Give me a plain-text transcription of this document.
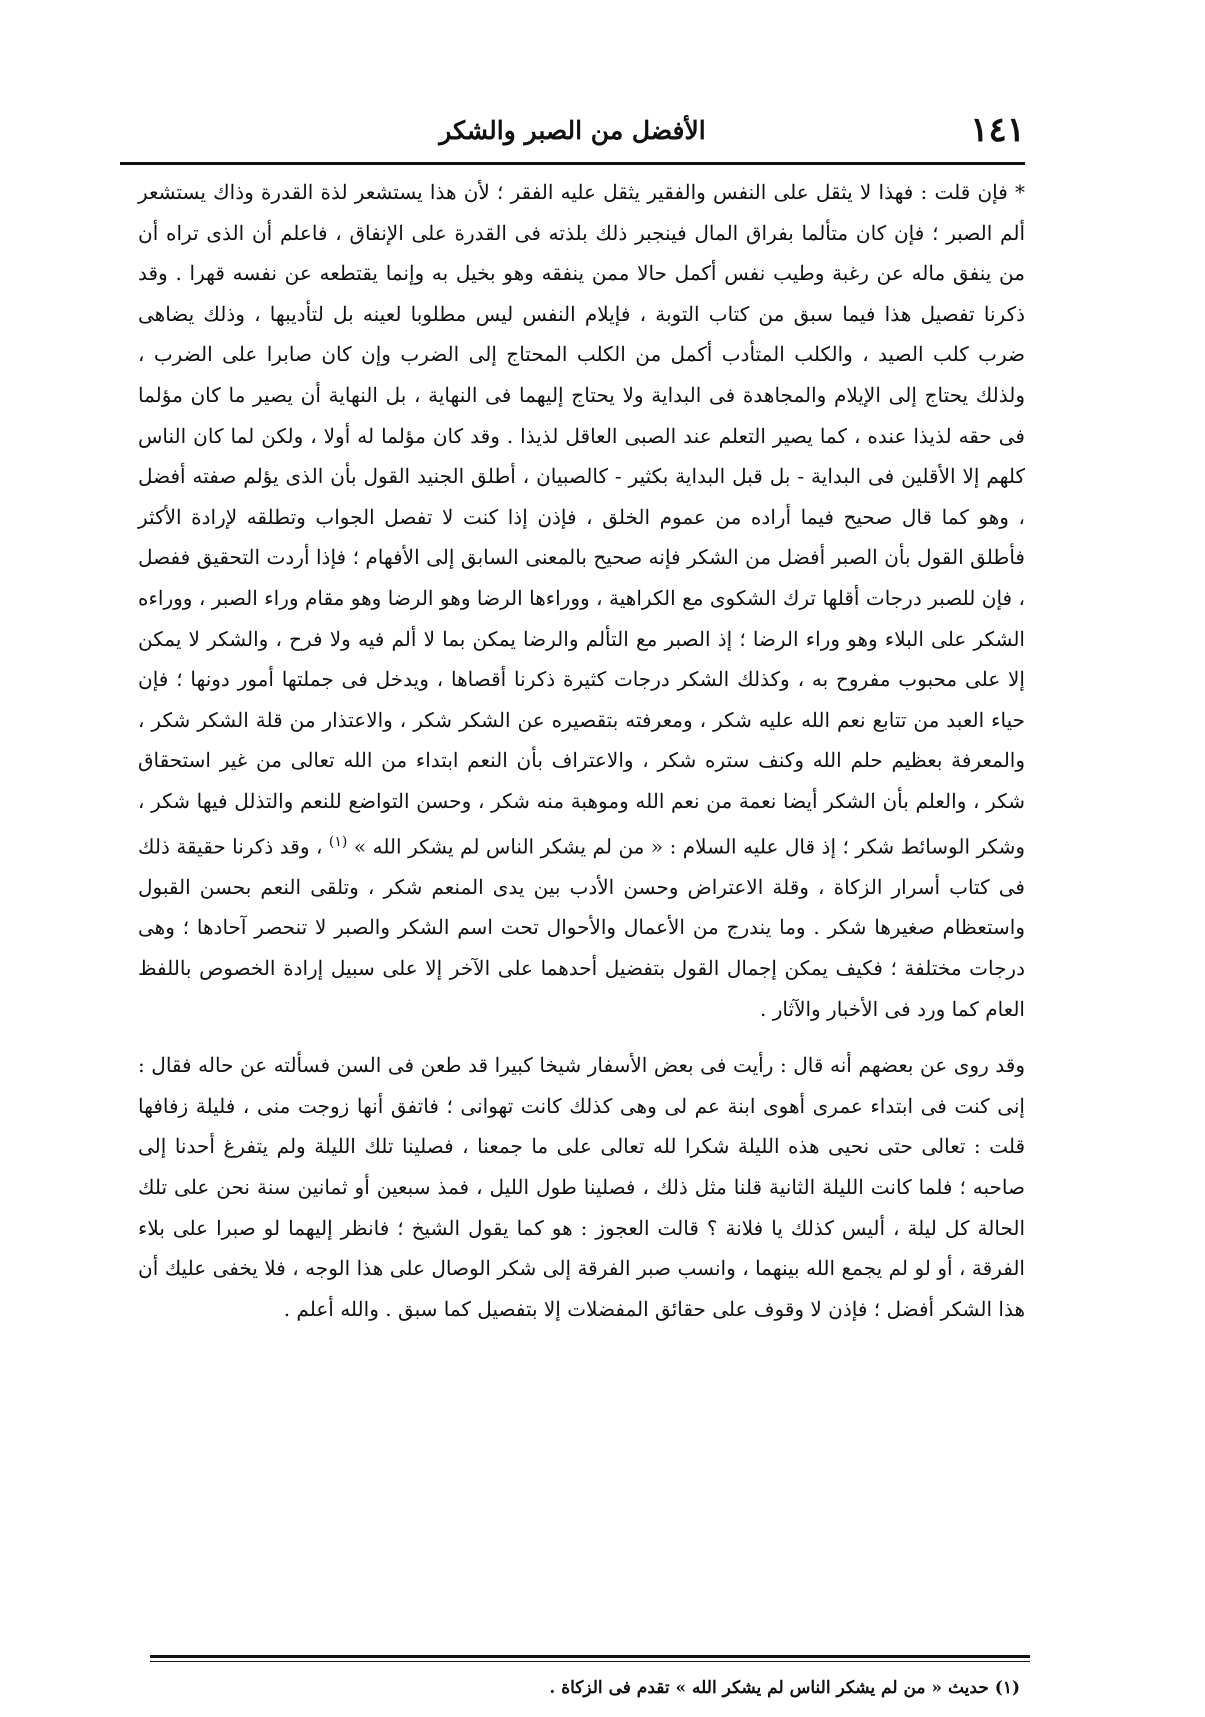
١٤١
الأفضل من الصبر والشكر

* فإن قلت : فهذا لا يثقل على النفس والفقير يثقل عليه الفقر ؛ لأن هذا يستشعر لذة القدرة وذاك يستشعر ألم الصبر ؛ فإن كان متألما بفراق المال فينجبر ذلك بلذته فى القدرة على الإنفاق ، فاعلم أن الذى تراه أن من ينفق ماله عن رغبة وطيب نفس أكمل حالا ممن ينفقه وهو بخيل به وإنما يقتطعه عن نفسه قهرا . وقد ذكرنا تفصيل هذا فيما سبق من كتاب التوبة ، فإيلام النفس ليس مطلوبا لعينه بل لتأديبها ، وذلك يضاهى ضرب كلب الصيد ، والكلب المتأدب أكمل من الكلب المحتاج إلى الضرب وإن كان صابرا على الضرب ، ولذلك يحتاج إلى الإيلام والمجاهدة فى البداية ولا يحتاج إليهما فى النهاية ، بل النهاية أن يصير ما كان مؤلما فى حقه لذيذا عنده ، كما يصير التعلم عند الصبى العاقل لذيذا . وقد كان مؤلما له أولا ، ولكن لما كان الناس كلهم إلا الأقلين فى البداية - بل قبل البداية بكثير - كالصبيان ، أطلق الجنيد القول بأن الذى يؤلم صفته أفضل ، وهو كما قال صحيح فيما أراده من عموم الخلق ، فإذن إذا كنت لا تفصل الجواب وتطلقه لإرادة الأكثر فأطلق القول بأن الصبر أفضل من الشكر فإنه صحيح بالمعنى السابق إلى الأفهام ؛ فإذا أردت التحقيق ففصل ، فإن للصبر درجات أقلها ترك الشكوى مع الكراهية ، ووراءها الرضا وهو الرضا وهو مقام وراء الصبر ، ووراءه الشكر على البلاء وهو وراء الرضا ؛ إذ الصبر مع التألم والرضا يمكن بما لا ألم فيه ولا فرح ، والشكر لا يمكن إلا على محبوب مفروح به ، وكذلك الشكر درجات كثيرة ذكرنا أقصاها ، ويدخل فى جملتها أمور دونها ؛ فإن حياء العبد من تتابع نعم الله عليه شكر ، ومعرفته بتقصيره عن الشكر شكر ، والاعتذار من قلة الشكر شكر ، والمعرفة بعظيم حلم الله وكنف ستره شكر ، والاعتراف بأن النعم ابتداء من الله تعالى من غير استحقاق شكر ، والعلم بأن الشكر أيضا نعمة من نعم الله وموهبة منه شكر ، وحسن التواضع للنعم والتذلل فيها شكر ، وشكر الوسائط شكر ؛ إذ قال عليه السلام : « من لم يشكر الناس لم يشكر الله » $^{(١)}$ ، وقد ذكرنا حقيقة ذلك فى كتاب أسرار الزكاة ، وقلة الاعتراض وحسن الأدب بين يدى المنعم شكر ، وتلقى النعم بحسن القبول واستعظام صغيرها شكر . وما يندرج من الأعمال والأحوال تحت اسم الشكر والصبر لا تنحصر آحادها ؛ وهى درجات مختلفة ؛ فكيف يمكن إجمال القول بتفضيل أحدهما على الآخر إلا على سبيل إرادة الخصوص باللفظ العام كما ورد فى الأخبار والآثار .

وقد روى عن بعضهم أنه قال : رأيت فى بعض الأسفار شيخا كبيرا قد طعن فى السن فسألته عن حاله فقال : إنى كنت فى ابتداء عمرى أهوى ابنة عم لى وهى كذلك كانت تهوانى ؛ فاتفق أنها زوجت منى ، فليلة زفافها قلت : تعالى حتى نحيى هذه الليلة شكرا لله تعالى على ما جمعنا ، فصلينا تلك الليلة ولم يتفرغ أحدنا إلى صاحبه ؛ فلما كانت الليلة الثانية قلنا مثل ذلك ، فصلينا طول الليل ، فمذ سبعين أو ثمانين سنة نحن على تلك الحالة كل ليلة ، أليس كذلك يا فلانة ؟ قالت العجوز : هو كما يقول الشيخ ؛ فانظر إليهما لو صبرا على بلاء الفرقة ، أو لو لم يجمع الله بينهما ، وانسب صبر الفرقة إلى شكر الوصال على هذا الوجه ، فلا يخفى عليك أن هذا الشكر أفضل ؛ فإذن لا وقوف على حقائق المفضلات إلا بتفصيل كما سبق . والله أعلم .

(١) حديث « من لم يشكر الناس لم يشكر الله » تقدم فى الزكاة .
